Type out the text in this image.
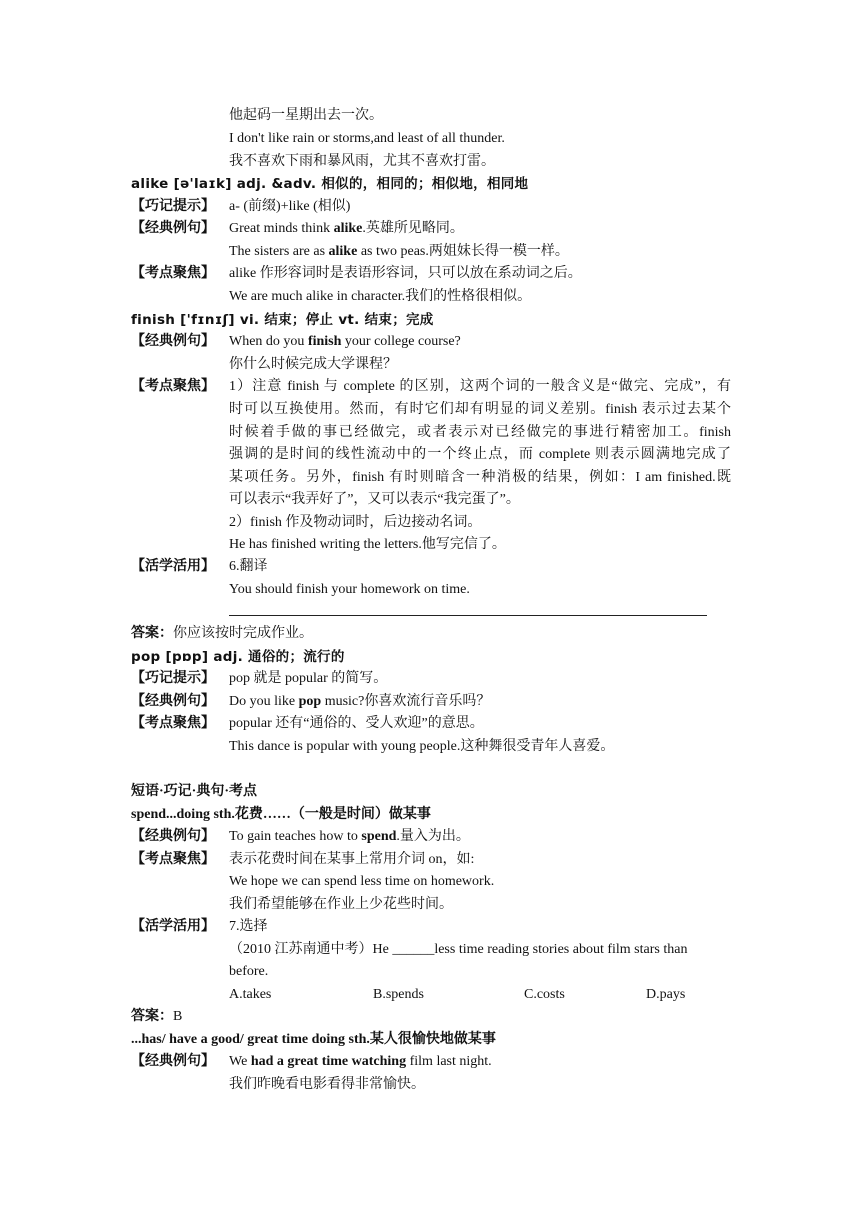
他起码一星期出去一次。
I don't like rain or storms,and least of all thunder.
我不喜欢下雨和暴风雨，尤其不喜欢打雷。
alike [ə'laɪk] adj. &adv. 相似的，相同的；相似地，相同地
【巧记提示】 a- (前缀)+like (相似)
【经典例句】 Great minds think alike.英雄所见略同。
The sisters are as alike as two peas.两姐妹长得一模一样。
【考点聚焦】 alike 作形容词时是表语形容词，只可以放在系动词之后。
We are much alike in character.我们的性格很相似。
finish ['fɪnɪʃ] vi. 结束；停止 vt. 结束；完成
【经典例句】 When do you finish your college course?
你什么时候完成大学课程？
【考点聚焦】 1）注意 finish 与 complete 的区别，这两个词的一般含义是“做完、完成”，有
时可以互换使用。然而，有时它们却有明显的词义差别。finish 表示过去某个
时候着手做的事已经做完，或者表示对已经做完的事进行精密加工。finish
强调的是时间的线性流动中的一个终止点，而 complete 则表示圆满地完成了
某项任务。另外，finish 有时则暗含一种消极的结果，例如：I am finished.既
可以表示“我弄好了”，又可以表示“我完蛋了”。
2）finish 作及物动词时，后边接动名词。
He has finished writing the letters.他写完信了。
【活学活用】 6.翻译
You should finish your homework on time.
答案：你应该按时完成作业。
pop [pɒp] adj. 通俗的；流行的
【巧记提示】 pop 就是 popular 的简写。
【经典例句】 Do you like pop music?你喜欢流行音乐吗？
【考点聚焦】 popular 还有“通俗的、受人欢迎”的意思。
This dance is popular with young people.这种舞很受青年人喜爱。
短语·巧记·典句·考点
spend...doing sth.花费……（一般是时间）做某事
【经典例句】 To gain teaches how to spend.量入为出。
【考点聚焦】 表示花费时间在某事上常用介词 on，如:
We hope we can spend less time on homework.
我们希望能够在作业上少花些时间。
【活学活用】 7.选择
（2010 江苏南通中考）He ______less time reading stories about film stars than
before.
A.takes	B.spends	C.costs	D.pays
答案：B
...has/ have a good/ great time doing sth.某人很愉快地做某事
【经典例句】 We had a great time watching film last night.
我们昨晚看电影看得非常愉快。
